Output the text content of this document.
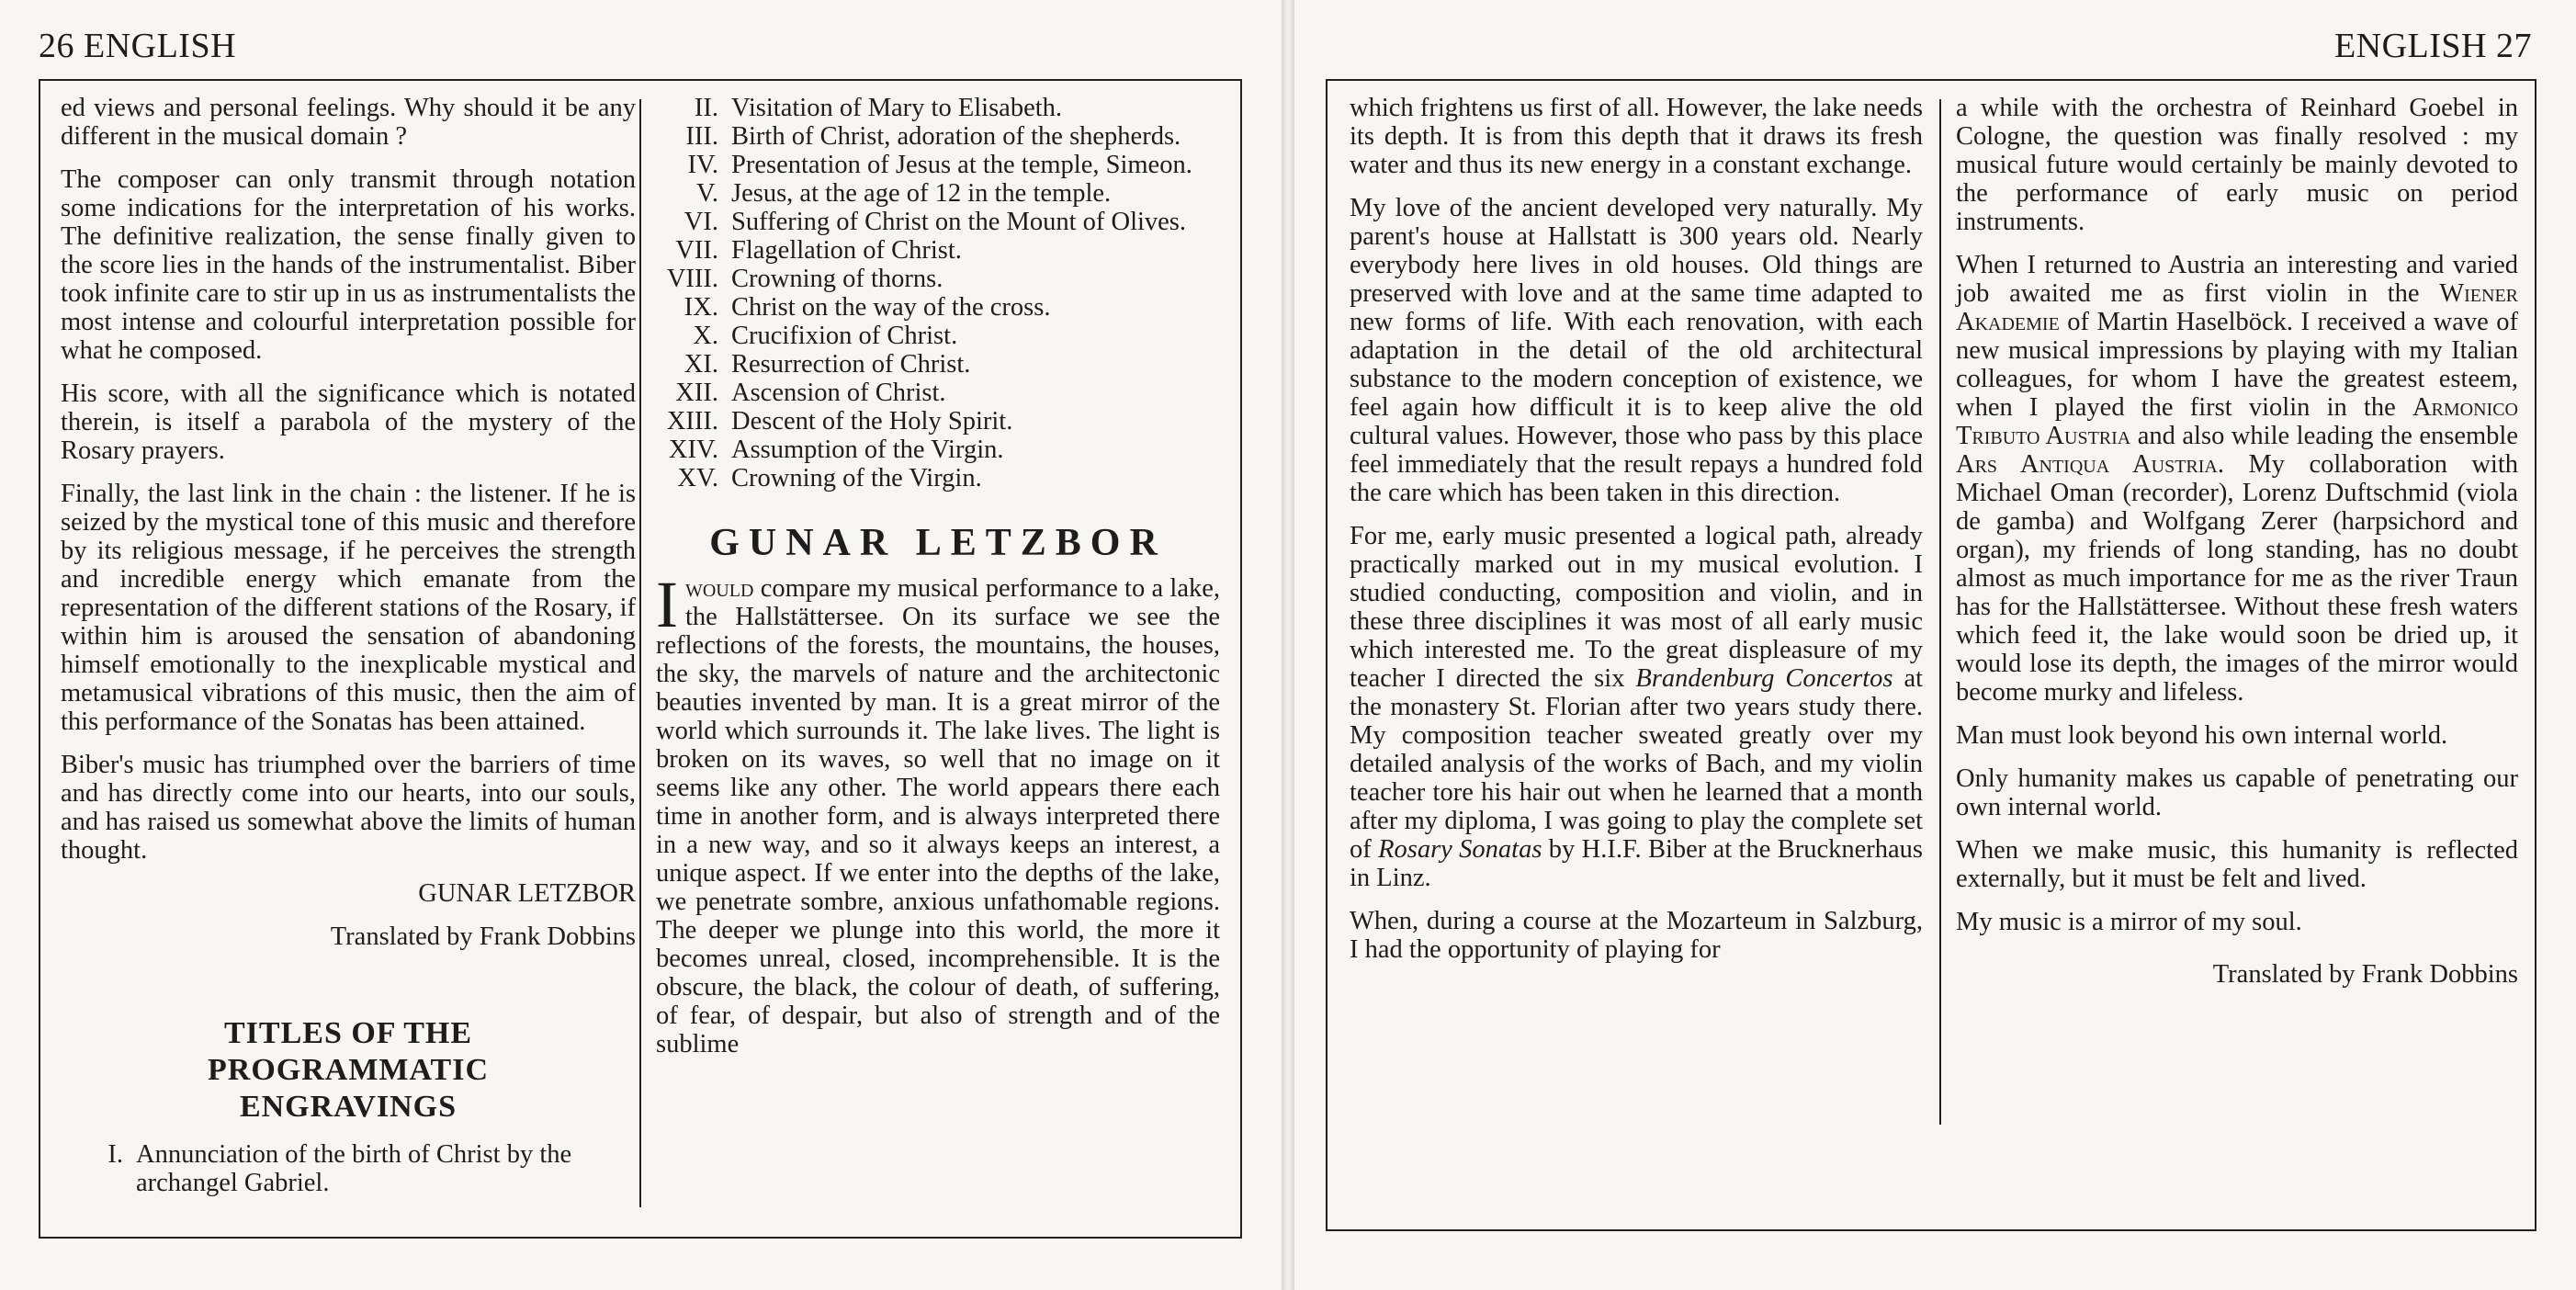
26 ENGLISH

ed views and personal feelings. Why should it be any different in the musical domain ?

The composer can only transmit through notation some indications for the interpretation of his works. The definitive realization, the sense finally given to the score lies in the hands of the instrumentalist. Biber took infinite care to stir up in us as instrumentalists the most intense and colourful interpretation possible for what he composed.

His score, with all the significance which is notated therein, is itself a parabola of the mystery of the Rosary prayers.

Finally, the last link in the chain : the listener. If he is seized by the mystical tone of this music and therefore by its religious message, if he perceives the strength and incredible energy which emanate from the representation of the different stations of the Rosary, if within him is aroused the sensation of abandoning himself emotionally to the inexplicable mystical and metamusical vibrations of this music, then the aim of this performance of the Sonatas has been attained.

Biber's music has triumphed over the barriers of time and has directly come into our hearts, into our souls, and has raised us somewhat above the limits of human thought.

GUNAR LETZBOR

Translated by Frank Dobbins

TITLES OF THE PROGRAMMATIC ENGRAVINGS
I. Annunciation of the birth of Christ by the archangel Gabriel.
II. Visitation of Mary to Elisabeth.
III. Birth of Christ, adoration of the shepherds.
IV. Presentation of Jesus at the temple, Simeon.
V. Jesus, at the age of 12 in the temple.
VI. Suffering of Christ on the Mount of Olives.
VII. Flagellation of Christ.
VIII. Crowning of thorns.
IX. Christ on the way of the cross.
X. Crucifixion of Christ.
XI. Resurrection of Christ.
XII. Ascension of Christ.
XIII. Descent of the Holy Spirit.
XIV. Assumption of the Virgin.
XV. Crowning of the Virgin.
GUNAR LETZBOR

Iwould compare my musical performance to a lake, the Hallstättersee. On its surface we see the reflections of the forests, the mountains, the houses, the sky, the marvels of nature and the architectonic beauties invented by man. It is a great mirror of the world which surrounds it. The lake lives. The light is broken on its waves, so well that no image on it seems like any other. The world appears there each time in another form, and is always interpreted there in a new way, and so it always keeps an interest, a unique aspect. If we enter into the depths of the lake, we penetrate sombre, anxious unfathomable regions. The deeper we plunge into this world, the more it becomes unreal, closed, incomprehensible. It is the obscure, the black, the colour of death, of suffering, of fear, of despair, but also of strength and of the sublime

ENGLISH 27

which frightens us first of all. However, the lake needs its depth. It is from this depth that it draws its fresh water and thus its new energy in a constant exchange.

My love of the ancient developed very naturally. My parent's house at Hallstatt is 300 years old. Nearly everybody here lives in old houses. Old things are preserved with love and at the same time adapted to new forms of life. With each renovation, with each adaptation in the detail of the old architectural substance to the modern conception of existence, we feel again how difficult it is to keep alive the old cultural values. However, those who pass by this place feel immediately that the result repays a hundred fold the care which has been taken in this direction.

For me, early music presented a logical path, already practically marked out in my musical evolution. I studied conducting, composition and violin, and in these three disciplines it was most of all early music which interested me. To the great displeasure of my teacher I directed the six Brandenburg Concertos at the monastery St. Florian after two years study there. My composition teacher sweated greatly over my detailed analysis of the works of Bach, and my violin teacher tore his hair out when he learned that a month after my diploma, I was going to play the complete set of Rosary Sonatas by H.I.F. Biber at the Brucknerhaus in Linz.

When, during a course at the Mozarteum in Salzburg, I had the opportunity of playing for

a while with the orchestra of Reinhard Goebel in Cologne, the question was finally resolved : my musical future would certainly be mainly devoted to the performance of early music on period instruments.

When I returned to Austria an interesting and varied job awaited me as first violin in the Wiener Akademie of Martin Haselböck. I received a wave of new musical impressions by playing with my Italian colleagues, for whom I have the greatest esteem, when I played the first violin in the Armonico Tributo Austria and also while leading the ensemble Ars Antiqua Austria. My collaboration with Michael Oman (recorder), Lorenz Duftschmid (viola de gamba) and Wolfgang Zerer (harpsichord and organ), my friends of long standing, has no doubt almost as much importance for me as the river Traun has for the Hallstättersee. Without these fresh waters which feed it, the lake would soon be dried up, it would lose its depth, the images of the mirror would become murky and lifeless.

Man must look beyond his own internal world.

Only humanity makes us capable of penetrating our own internal world.

When we make music, this humanity is reflected externally, but it must be felt and lived.

My music is a mirror of my soul.

Translated by Frank Dobbins
